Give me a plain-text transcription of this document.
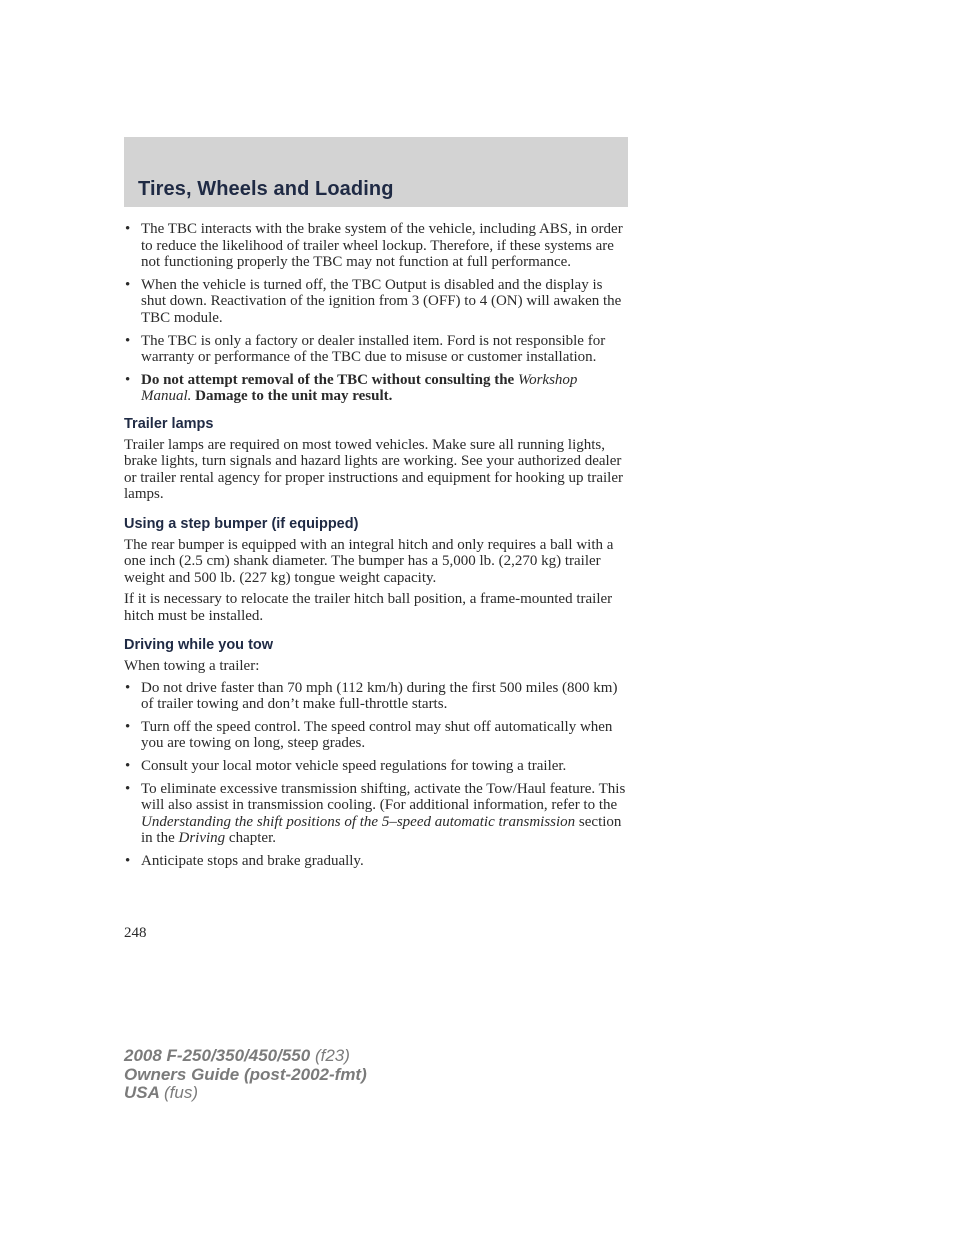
Tires, Wheels and Loading
• The TBC interacts with the brake system of the vehicle, including ABS, in order to reduce the likelihood of trailer wheel lockup. Therefore, if these systems are not functioning properly the TBC may not function at full performance.
• When the vehicle is turned off, the TBC Output is disabled and the display is shut down. Reactivation of the ignition from 3 (OFF) to 4 (ON) will awaken the TBC module.
• The TBC is only a factory or dealer installed item. Ford is not responsible for warranty or performance of the TBC due to misuse or customer installation.
• Do not attempt removal of the TBC without consulting the Workshop Manual. Damage to the unit may result.
Trailer lamps

Trailer lamps are required on most towed vehicles. Make sure all running lights, brake lights, turn signals and hazard lights are working. See your authorized dealer or trailer rental agency for proper instructions and equipment for hooking up trailer lamps.

Using a step bumper (if equipped)

The rear bumper is equipped with an integral hitch and only requires a ball with a one inch (2.5 cm) shank diameter. The bumper has a 5,000 lb. (2,270 kg) trailer weight and 500 lb. (227 kg) tongue weight capacity.

If it is necessary to relocate the trailer hitch ball position, a frame-mounted trailer hitch must be installed.

Driving while you tow

When towing a trailer:

• Do not drive faster than 70 mph (112 km/h) during the first 500 miles (800 km) of trailer towing and don’t make full-throttle starts.
• Turn off the speed control. The speed control may shut off automatically when you are towing on long, steep grades.
• Consult your local motor vehicle speed regulations for towing a trailer.
• To eliminate excessive transmission shifting, activate the Tow/Haul feature. This will also assist in transmission cooling. (For additional information, refer to the Understanding the shift positions of the 5–speed automatic transmission section in the Driving chapter.
• Anticipate stops and brake gradually.
248
2008 F-250/350/450/550 (f23)
Owners Guide (post-2002-fmt)
USA (fus)
